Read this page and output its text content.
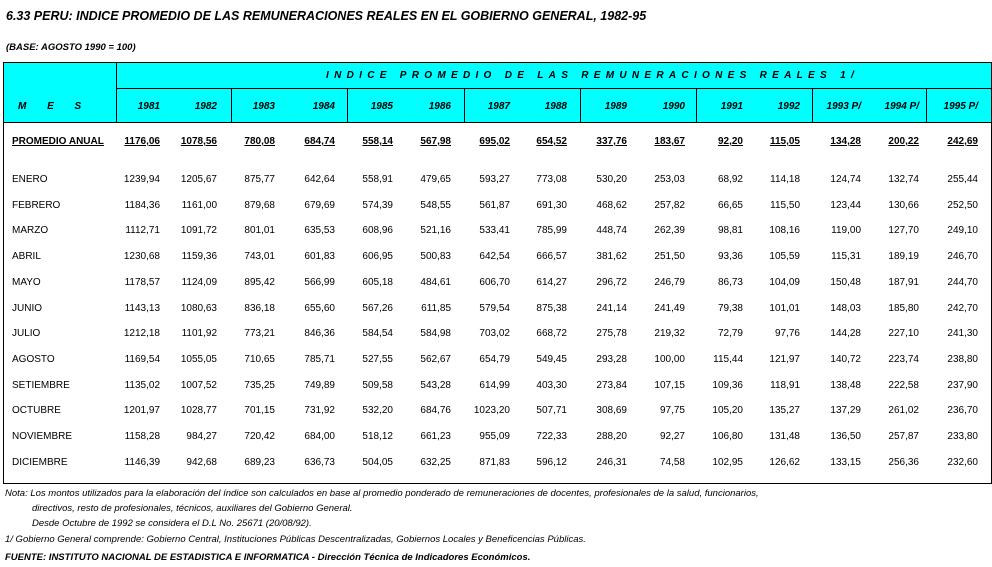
6.33 PERU: INDICE PROMEDIO DE LAS REMUNERACIONES REALES EN EL GOBIERNO GENERAL, 1982-95
(BASE: AGOSTO 1990 = 100)
INDICE PROMEDIO DE LAS REMUNERACIONES REALES 1/
M E S	1981	1982	1983	1984	1985	1986	1987	1988	1989	1990	1991	1992	1993 P/	1994 P/	1995 P/
PROMEDIO ANUAL	1176,06	1078,56	780,08	684,74	558,14	567,98	695,02	654,52	337,76	183,67	92,20	115,05	134,28	200,22	242,69
ENERO	1239,94	1205,67	875,77	642,64	558,91	479,65	593,27	773,08	530,20	253,03	68,92	114,18	124,74	132,74	255,44
FEBRERO	1184,36	1161,00	879,68	679,69	574,39	548,55	561,87	691,30	468,62	257,82	66,65	115,50	123,44	130,66	252,50
MARZO	1112,71	1091,72	801,01	635,53	608,96	521,16	533,41	785,99	448,74	262,39	98,81	108,16	119,00	127,70	249,10
ABRIL	1230,68	1159,36	743,01	601,83	606,95	500,83	642,54	666,57	381,62	251,50	93,36	105,59	115,31	189,19	246,70
MAYO	1178,57	1124,09	895,42	566,99	605,18	484,61	606,70	614,27	296,72	246,79	86,73	104,09	150,48	187,91	244,70
JUNIO	1143,13	1080,63	836,18	655,60	567,26	611,85	579,54	875,38	241,14	241,49	79,38	101,01	148,03	185,80	242,70
JULIO	1212,18	1101,92	773,21	846,36	584,54	584,98	703,02	668,72	275,78	219,32	72,79	97,76	144,28	227,10	241,30
AGOSTO	1169,54	1055,05	710,65	785,71	527,55	562,67	654,79	549,45	293,28	100,00	115,44	121,97	140,72	223,74	238,80
SETIEMBRE	1135,02	1007,52	735,25	749,89	509,58	543,28	614,99	403,30	273,84	107,15	109,36	118,91	138,48	222,58	237,90
OCTUBRE	1201,97	1028,77	701,15	731,92	532,20	684,76	1023,20	507,71	308,69	97,75	105,20	135,27	137,29	261,02	236,70
NOVIEMBRE	1158,28	984,27	720,42	684,00	518,12	661,23	955,09	722,33	288,20	92,27	106,80	131,48	136,50	257,87	233,80
DICIEMBRE	1146,39	942,68	689,23	636,73	504,05	632,25	871,83	596,12	246,31	74,58	102,95	126,62	133,15	256,36	232,60
Nota: Los montos utilizados para la elaboración del índice son calculados en base al promedio ponderado de remuneraciones de docentes, profesionales de la salud, funcionarios,
directivos, resto de profesionales, técnicos, auxiliares del Gobierno General.
Desde Octubre de 1992 se considera el D.L No. 25671 (20/08/92).
1/ Gobierno General comprende: Gobierno Central, Instituciones Públicas Descentralizadas, Gobiernos Locales y Beneficencias Públicas.
FUENTE: INSTITUTO NACIONAL DE ESTADISTICA E INFORMATICA - Dirección Técnica de Indicadores Económicos.
